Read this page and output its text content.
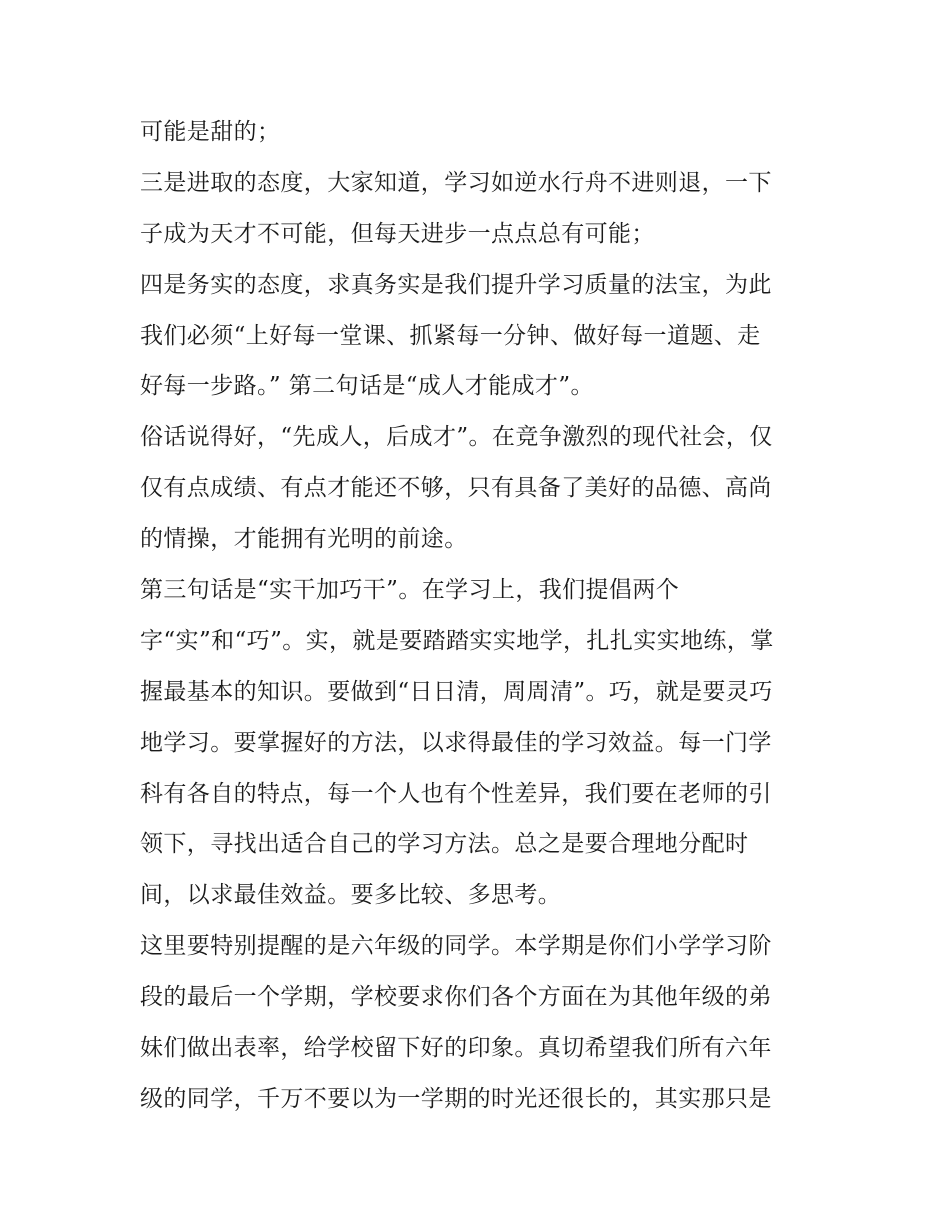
可能是甜的；
三是进取的态度，大家知道，学习如逆水行舟不进则退，一下
子成为天才不可能，但每天进步一点点总有可能；
四是务实的态度，求真务实是我们提升学习质量的法宝，为此
我们必须“上好每一堂课、抓紧每一分钟、做好每一道题、走
好每一步路。” 第二句话是“成人才能成才”。
俗话说得好，“先成人，后成才”。在竞争激烈的现代社会，仅
仅有点成绩、有点才能还不够，只有具备了美好的品德、高尚
的情操，才能拥有光明的前途。
第三句话是“实干加巧干”。在学习上，我们提倡两个
字“实”和“巧”。实，就是要踏踏实实地学，扎扎实实地练，掌
握最基本的知识。要做到“日日清，周周清”。巧，就是要灵巧
地学习。要掌握好的方法，以求得最佳的学习效益。每一门学
科有各自的特点，每一个人也有个性差异，我们要在老师的引
领下，寻找出适合自己的学习方法。总之是要合理地分配时
间，以求最佳效益。要多比较、多思考。
这里要特别提醒的是六年级的同学。本学期是你们小学学习阶
段的最后一个学期，学校要求你们各个方面在为其他年级的弟
妹们做出表率，给学校留下好的印象。真切希望我们所有六年
级的同学，千万不要以为一学期的时光还很长的，其实那只是
